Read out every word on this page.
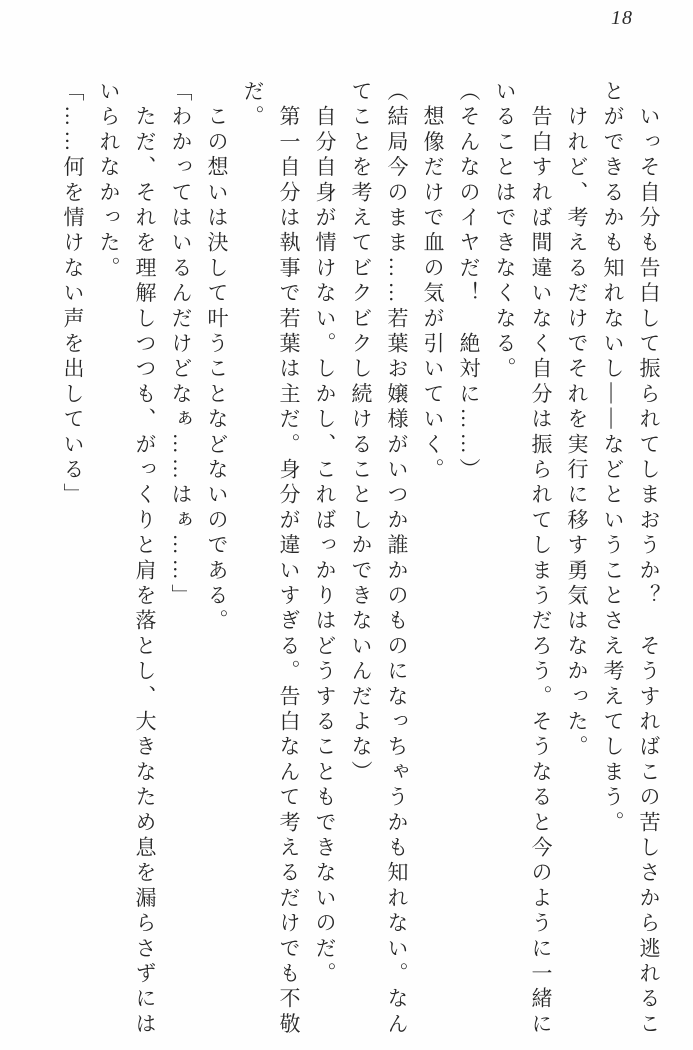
18

　いっそ自分も告白して振られてしまおうか？　そうすればこの苦しさから逃れることができるかも知れないし——などということさえ考えてしまう。

　けれど、考えるだけでそれを実行に移す勇気はなかった。

　告白すれば間違いなく自分は振られてしまうだろう。そうなると今のように一緒にいることはできなくなる。

（そんなのイヤだ！　絶対に……）

　想像だけで血の気が引いていく。

（結局今のまま……若葉お嬢様がいつか誰かのものになっちゃうかも知れない。なんてことを考えてビクビクし続けることしかできないんだよな）

　自分自身が情けない。しかし、こればっかりはどうすることもできないのだ。

　第一自分は執事で若葉は主だ。身分が違いすぎる。告白なんて考えるだけでも不敬だ。

　この想いは決して叶うことなどないのである。

「わかってはいるんだけどなぁ……はぁ……」

　ただ、それを理解しつつも、がっくりと肩を落とし、大きなため息を漏らさずにはいられなかった。

「……何を情けない声を出している」
